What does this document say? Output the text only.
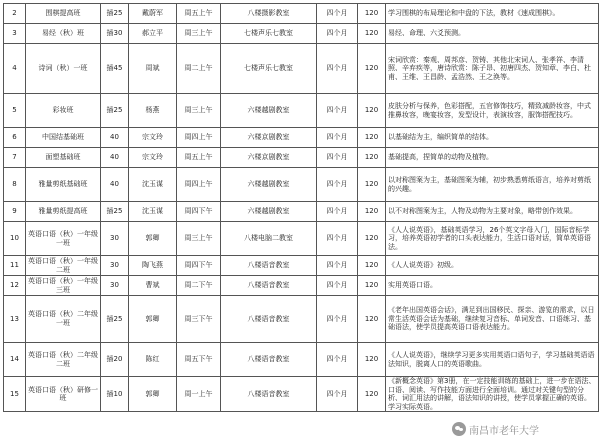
2	围棋提高班	插25	戴蔚军	周五上午	八楼摄影教室	四个月	120	学习围棋的布局理论和中盘的下法，教材《速成围棋》。
3	易经（秋）班	插30	郝立平	周三上午	七楼声乐七教室	四个月	120	易经、命理、六爻预测。
4	诗词（秋）一班	插45	周斌	周二上午	七楼声乐七教室	四个月	120	宋词欣赏：秦观、周邦彦、贺铸、其他北宋词人、张孝祥、李清照、辛弃疾等，唐诗欣赏：陈子昂、初唐四杰、贺知章、李白、杜甫、王维、王昌龄、孟浩然、王之涣等。
5	彩妆班	插25	杨燕	周三上午	六楼越剧教室	四个月	120	皮肤分析与保养，色彩搭配，五官修饰技巧，精致减龄妆容，中式推鼻妆容，晚宴妆容，发型设计，表演妆容，服饰搭配技巧。
6	中国结基础班	40	宗文玲	周四上午	六楼京剧教室	四个月	120	以基础结为主，编织简单的结体。
7	面塑基础班	40	宗文玲	周五上午	六楼京剧教室	四个月	120	基础提高，捏简单的动物及植物。
8	雅量剪纸基础班	40	沈玉谋	周四上午	六楼越剧教室	四个月	120	以对称图案为主，基础图案为辅，初步熟悉剪纸语言，培养对剪纸的兴趣。
9	雅量剪纸提高班	插25	沈玉谋	周四下午	六楼越剧教室	四个月	120	以不对称图案为主，人物及动物为主要对象，略带创作效果。
10	英语口语（秋）一年级一班	30	郭卿	周三上午	八楼电脑二教室	四个月	120	《人人说英语》，基础英语学习，26个英文字母入门，国际音标学习，培养英语初学者的口头表达能力，生活口语对话，简单英语语法。
11	英语口语（秋）一年级二班	30	陶飞燕	周四下午	八楼语音教室	四个月	120	《人人说英语》初级。
12	英语口语（秋）一年级三班	30	曹斌	周二下午	八楼语音教室	四个月	120	实用英语口语。
13	英语口语（秋）二年级一班	插25	郭卿	周三下午	八楼语音教室	四个月	120	《老年出国英语会话》，满足到出国移民、探亲、游览的需求，以日常生活英语会话为基础，继续复习音标、单词发音、口语练习、基础语法，使学员提高英语口语表达能力。
14	英语口语（秋）二年级二班	插20	陈红	周五下午	八楼语音教室	四个月	120	《人人说英语》，继续学习更多实用英语口语句子，学习基础英语语法知识，脱离人口的英语歌曲。
15	英语口语（秋）研修一班	插10	郭卿	周一上午	八楼语音教室	四个月	120	《新概念英语》第3册，在一定技能训练的基础上，进一步在语法、口语、阅读、写作技能方面进行全面培训。通过对关键句型的分析、词汇用法的讲解，语法知识的讲授，使学员掌握正确的英语。学习实际英语。
南昌市老年大学
